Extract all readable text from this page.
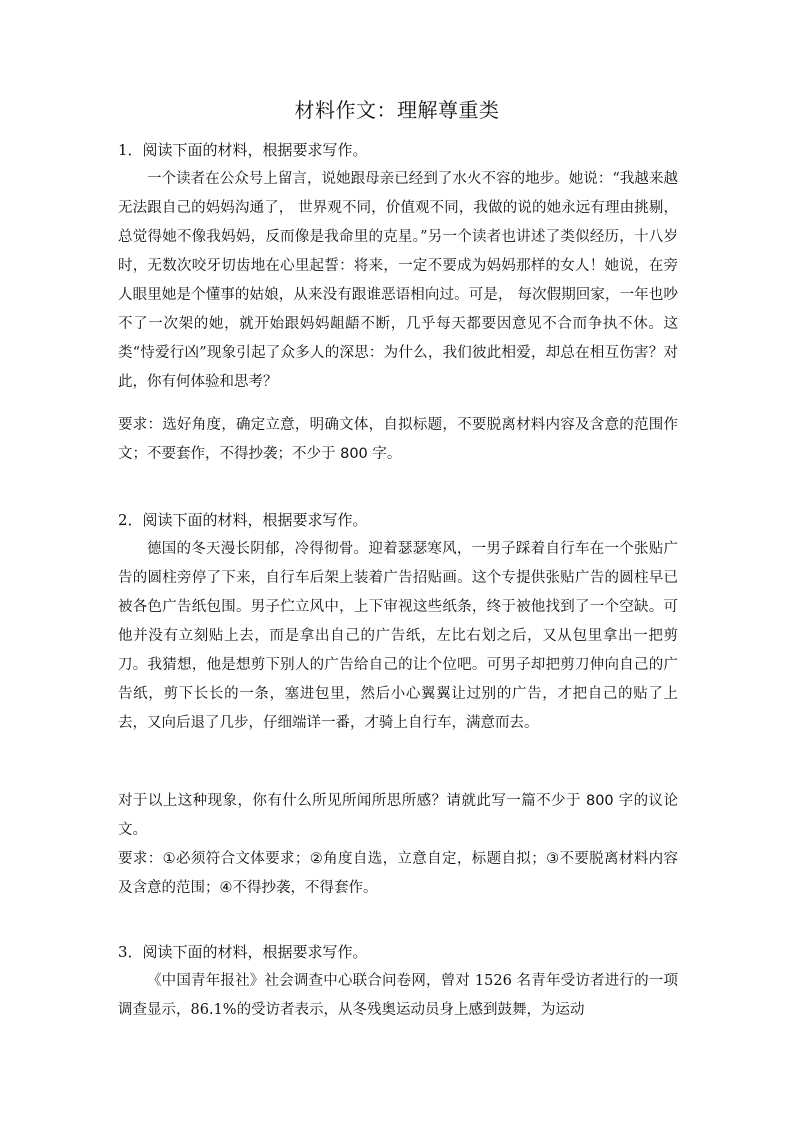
材料作文：理解尊重类
1．阅读下面的材料，根据要求写作。
一个读者在公众号上留言，说她跟母亲已经到了水火不容的地步。她说：“我越来越无法跟自己的妈妈沟通了， 世界观不同，价值观不同，我做的说的她永远有理由挑剔， 总觉得她不像我妈妈，反而像是我命里的克星。”另一个读者也讲述了类似经历，十八岁时，无数次咬牙切齿地在心里起誓：将来，一定不要成为妈妈那样的女人！她说，在旁人眼里她是个懂事的姑娘，从来没有跟谁恶语相向过。可是， 每次假期回家，一年也吵不了一次架的她，就开始跟妈妈龃龉不断，几乎每天都要因意见不合而争执不休。这类“恃爱行凶”现象引起了众多人的深思：为什么，我们彼此相爱，却总在相互伤害？对此，你有何体验和思考？
要求：选好角度，确定立意，明确文体，自拟标题，不要脱离材料内容及含意的范围作文；不要套作，不得抄袭；不少于 800 字。
2．阅读下面的材料，根据要求写作。
德国的冬天漫长阴郁，冷得彻骨。迎着瑟瑟寒风，一男子踩着自行车在一个张贴广告的圆柱旁停了下来，自行车后架上装着广告招贴画。这个专提供张贴广告的圆柱早已被各色广告纸包围。男子伫立风中，上下审视这些纸条，终于被他找到了一个空缺。可他并没有立刻贴上去，而是拿出自己的广告纸，左比右划之后，又从包里拿出一把剪刀。我猜想，他是想剪下别人的广告给自己的让个位吧。可男子却把剪刀伸向自己的广告纸，剪下长长的一条，塞进包里，然后小心翼翼让过别的广告，才把自己的贴了上去，又向后退了几步，仔细端详一番，才骑上自行车，满意而去。
对于以上这种现象，你有什么所见所闻所思所感？请就此写一篇不少于 800 字的议论文。
要求：①必须符合文体要求；②角度自选，立意自定，标题自拟；③不要脱离材料内容及含意的范围；④不得抄袭，不得套作。
3．阅读下面的材料，根据要求写作。
《中国青年报社》社会调查中心联合问卷网，曾对 1526 名青年受访者进行的一项调查显示，86.1%的受访者表示，从冬残奥运动员身上感到鼓舞，为运动
